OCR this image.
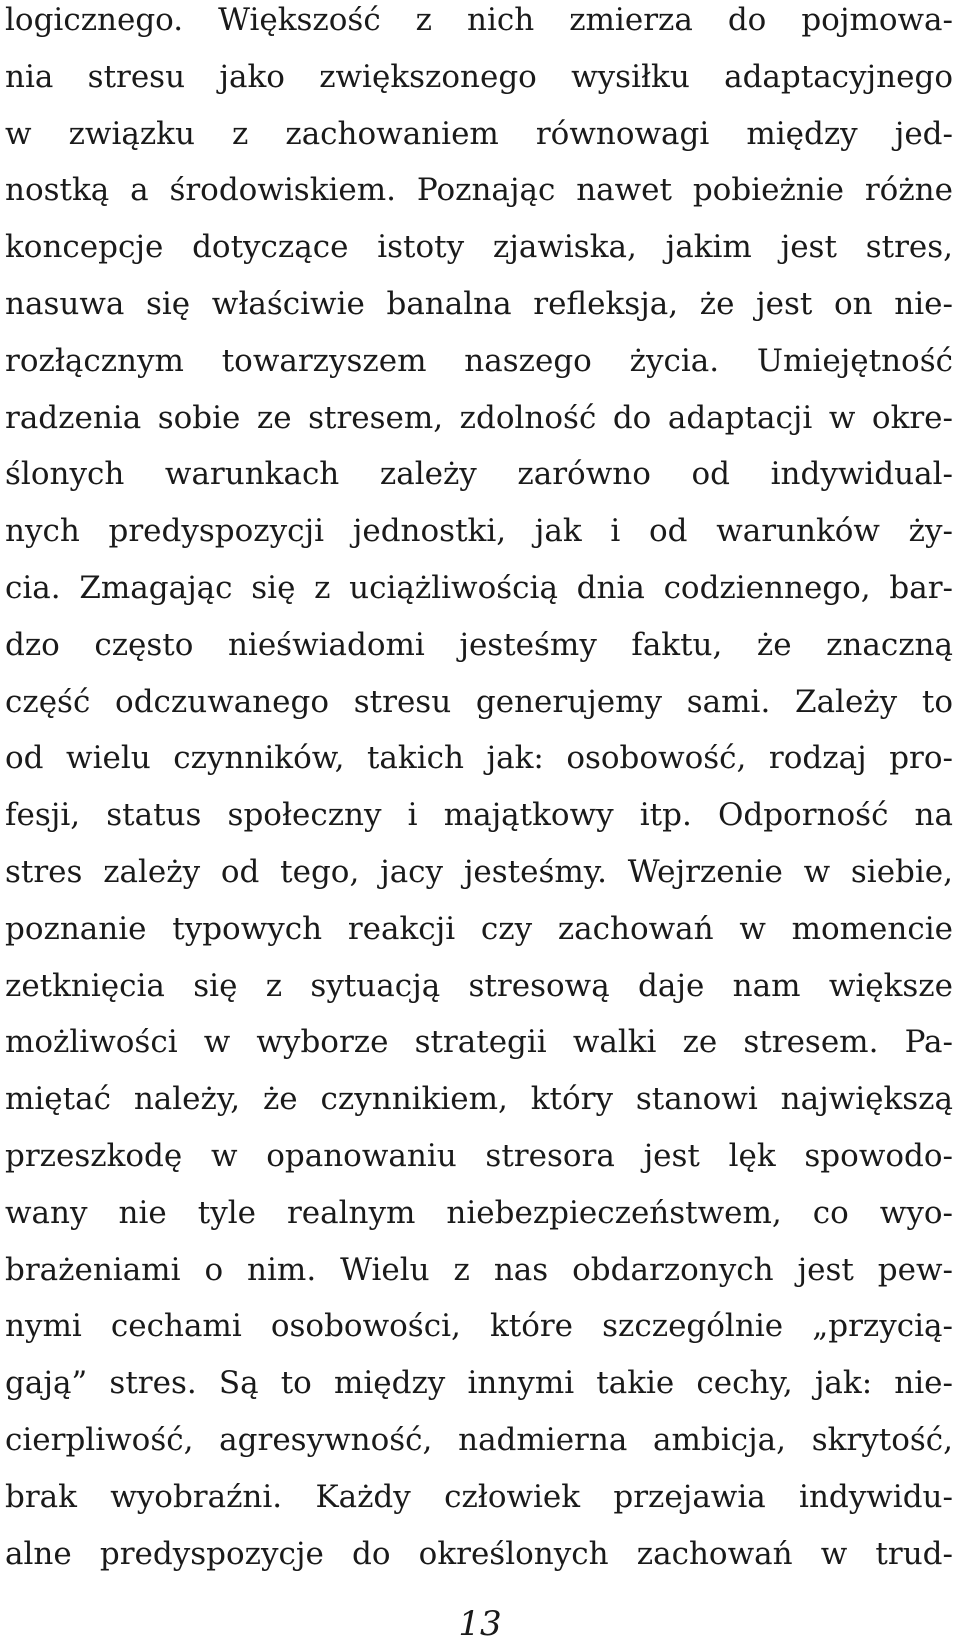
logicznego. Większość z nich zmierza do pojmowa-
nia stresu jako zwiększonego wysiłku adaptacyjnego
w związku z zachowaniem równowagi między jed-
nostką a środowiskiem. Poznając nawet pobieżnie różne
koncepcje dotyczące istoty zjawiska, jakim jest stres,
nasuwa się właściwie banalna refleksja, że jest on nie-
rozłącznym towarzyszem naszego życia. Umiejętność
radzenia sobie ze stresem, zdolność do adaptacji w okre-
ślonych warunkach zależy zarówno od indywidual-
nych predyspozycji jednostki, jak i od warunków ży-
cia. Zmagając się z uciążliwością dnia codziennego, bar-
dzo często nieświadomi jesteśmy faktu, że znaczną
część odczuwanego stresu generujemy sami. Zależy to
od wielu czynników, takich jak: osobowość, rodzaj pro-
fesji, status społeczny i majątkowy itp. Odporność na
stres zależy od tego, jacy jesteśmy. Wejrzenie w siebie,
poznanie typowych reakcji czy zachowań w momencie
zetknięcia się z sytuacją stresową daje nam większe
możliwości w wyborze strategii walki ze stresem. Pa-
miętać należy, że czynnikiem, który stanowi największą
przeszkodę w opanowaniu stresora jest lęk spowodo-
wany nie tyle realnym niebezpieczeństwem, co wyo-
brażeniami o nim. Wielu z nas obdarzonych jest pew-
nymi cechami osobowości, które szczególnie „przycią-
gają” stres. Są to między innymi takie cechy, jak: nie-
cierpliwość, agresywność, nadmierna ambicja, skrytość,
brak wyobraźni. Każdy człowiek przejawia indywidu-
alne predyspozycje do określonych zachowań w trud-
13
